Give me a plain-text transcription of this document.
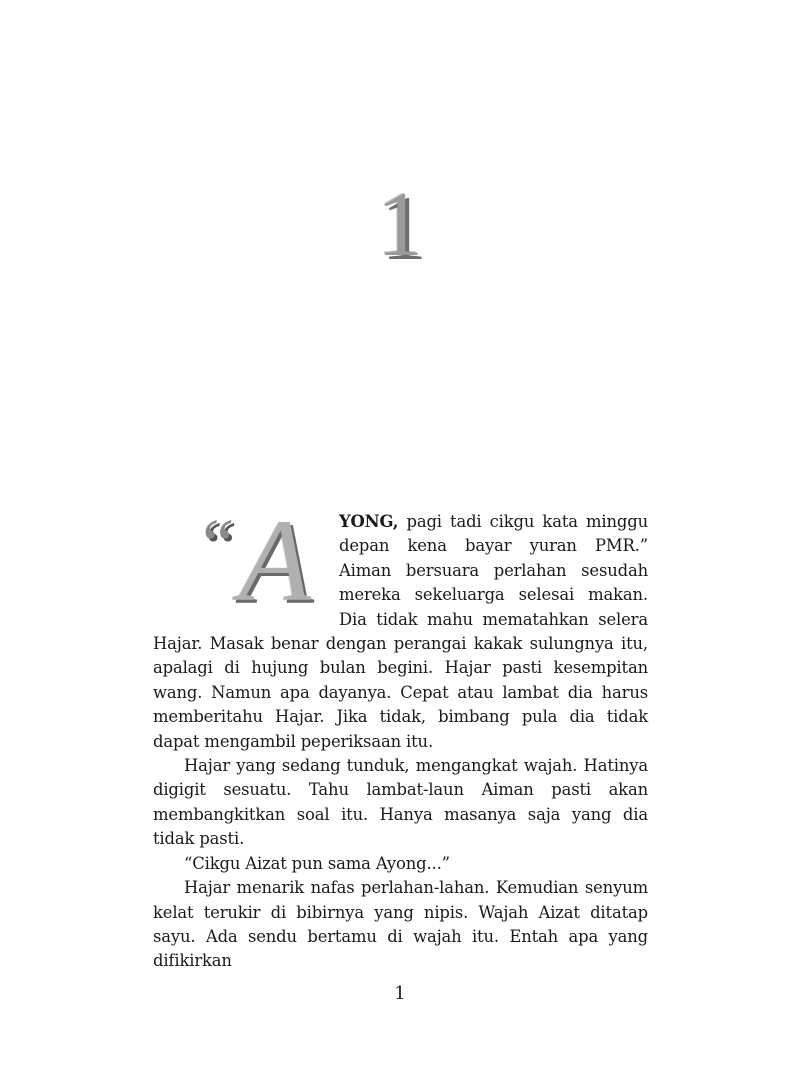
1

“ A YONG, pagi tadi cikgu kata minggu depan kena bayar yuran PMR.” Aiman bersuara perlahan sesudah mereka sekeluarga selesai makan. Dia tidak mahu mematahkan selera Hajar. Masak benar dengan perangai kakak sulungnya itu, apalagi di hujung bulan begini. Hajar pasti kesempitan wang. Namun apa dayanya. Cepat atau lambat dia harus memberitahu Hajar. Jika tidak, bimbang pula dia tidak dapat mengambil peperiksaan itu.

Hajar yang sedang tunduk, mengangkat wajah. Hatinya digigit sesuatu. Tahu lambat-laun Aiman pasti akan membangkitkan soal itu. Hanya masanya saja yang dia tidak pasti.

“Cikgu Aizat pun sama Ayong...”

Hajar menarik nafas perlahan-lahan. Kemudian senyum kelat terukir di bibirnya yang nipis. Wajah Aizat ditatap sayu. Ada sendu bertamu di wajah itu. Entah apa yang difikirkan

1
